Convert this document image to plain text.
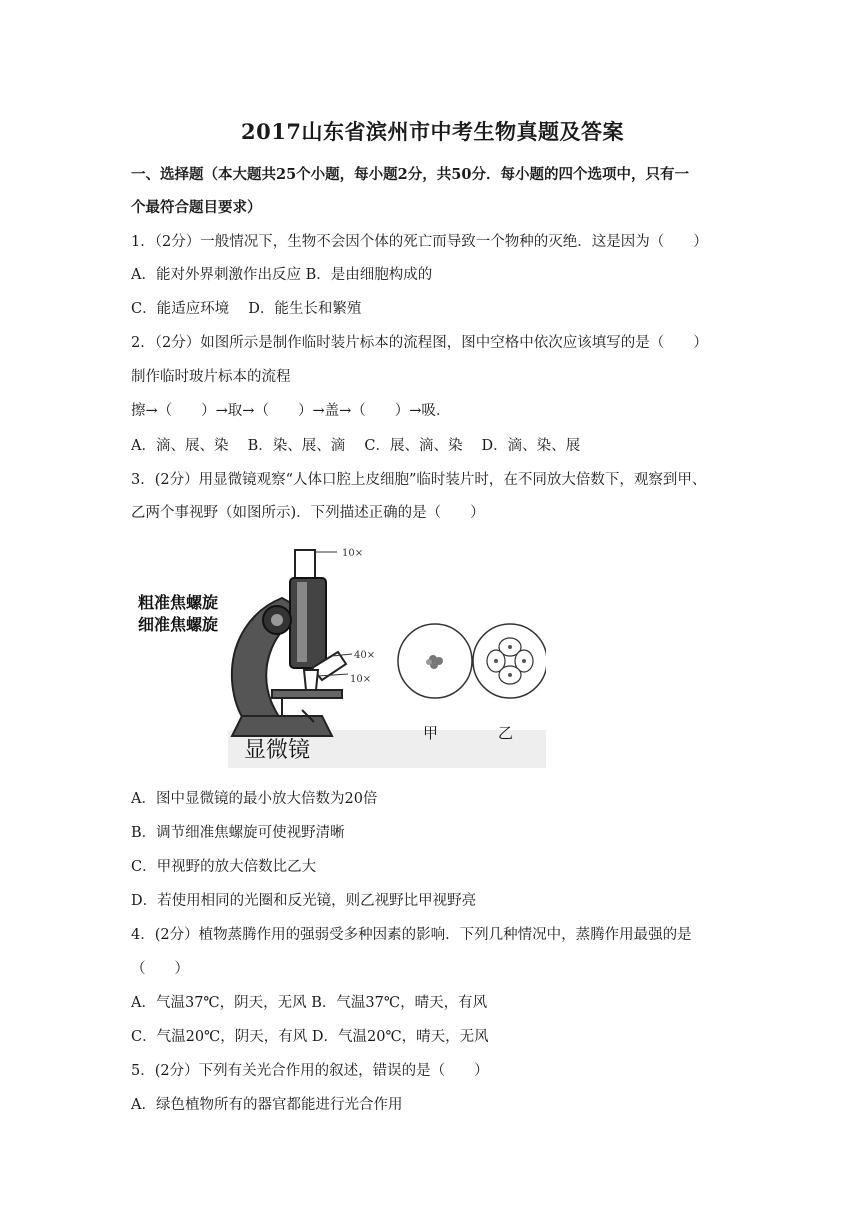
2017山东省滨州市中考生物真题及答案
一、选择题（本大题共25个小题，每小题2分，共50分．每小题的四个选项中，只有一
个最符合题目要求）
1．（2分）一般情况下，生物不会因个体的死亡而导致一个物种的灭绝．这是因为（　　）
A．能对外界刺激作出反应 B．是由细胞构成的
C．能适应环境　 D．能生长和繁殖
2．（2分）如图所示是制作临时装片标本的流程图，图中空格中依次应该填写的是（　　）
制作临时玻片标本的流程
擦→（　　）→取→（　　）→盖→（　　）→吸．
A．滴、展、染　 B．染、展、滴　 C．展、滴、染　 D．滴、染、展
3．(2分）用显微镜观察“人体口腔上皮细胞”临时装片时，在不同放大倍数下，观察到甲、
乙两个事视野（如图所示)．下列描述正确的是（　　）
10×
40×
10×
粗准焦螺旋
细准焦螺旋
显微镜
甲	乙
A．图中显微镜的最小放大倍数为20倍
B．调节细准焦螺旋可使视野清晰
C．甲视野的放大倍数比乙大
D．若使用相同的光圈和反光镜，则乙视野比甲视野亮
4．(2分）植物蒸腾作用的强弱受多种因素的影响．下列几种情况中，蒸腾作用最强的是
（　　）
A．气温37℃，阴天，无风 B．气温37℃，晴天，有风
C．气温20℃，阴天，有风 D．气温20℃，晴天，无风
5．(2分）下列有关光合作用的叙述，错误的是（　　）
A．绿色植物所有的器官都能进行光合作用
